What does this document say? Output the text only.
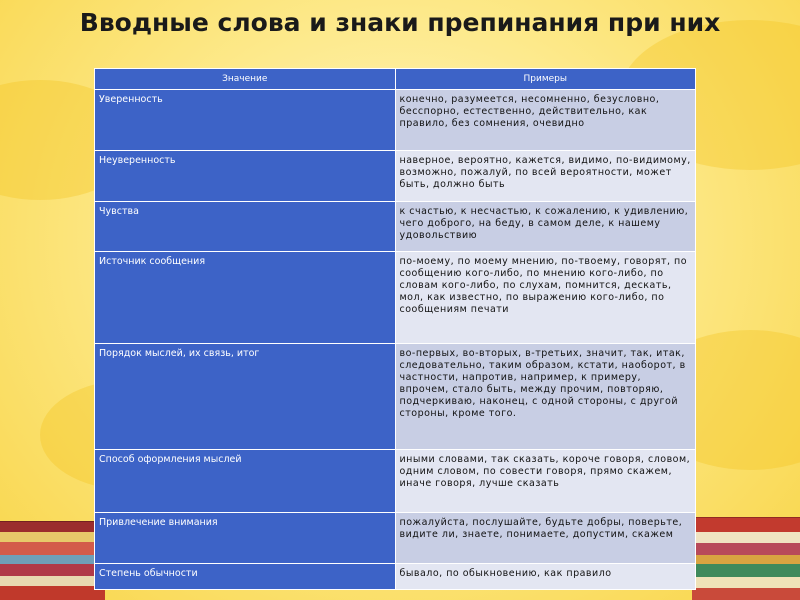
Вводные слова и знаки препинания при них
Значение	Примеры
Уверенность	конечно, разумеется, несомненно, безусловно, бесспорно, естественно, действительно, как правило, без сомнения, очевидно
Неуверенность	наверное, вероятно, кажется, видимо, по-видимому, возможно, пожалуй, по всей вероятности, может быть, должно быть
Чувства	к счастью, к несчастью, к сожалению, к удивлению, чего доброго, на беду, в самом деле, к нашему удовольствию
Источник сообщения	по-моему, по моему мнению, по-твоему, говорят, по сообщению кого-либо, по мнению кого-либо, по словам кого-либо, по слухам, помнится, дескать, мол, как известно, по выражению кого-либо, по сообщениям печати
Порядок мыслей, их связь, итог	во-первых, во-вторых, в-третьих, значит, так, итак, следовательно, таким образом, кстати, наоборот, в частности, напротив, например, к примеру, впрочем, стало быть, между прочим, повторяю, подчеркиваю, наконец, с одной стороны, с другой стороны, кроме того.
Способ оформления мыслей	иными словами, так сказать, короче говоря, словом, одним словом, по совести говоря, прямо скажем, иначе говоря, лучше сказать
Привлечение внимания	пожалуйста, послушайте, будьте добры, поверьте, видите ли, знаете, понимаете, допустим, скажем
Степень обычности	бывало, по обыкновению, как правило
